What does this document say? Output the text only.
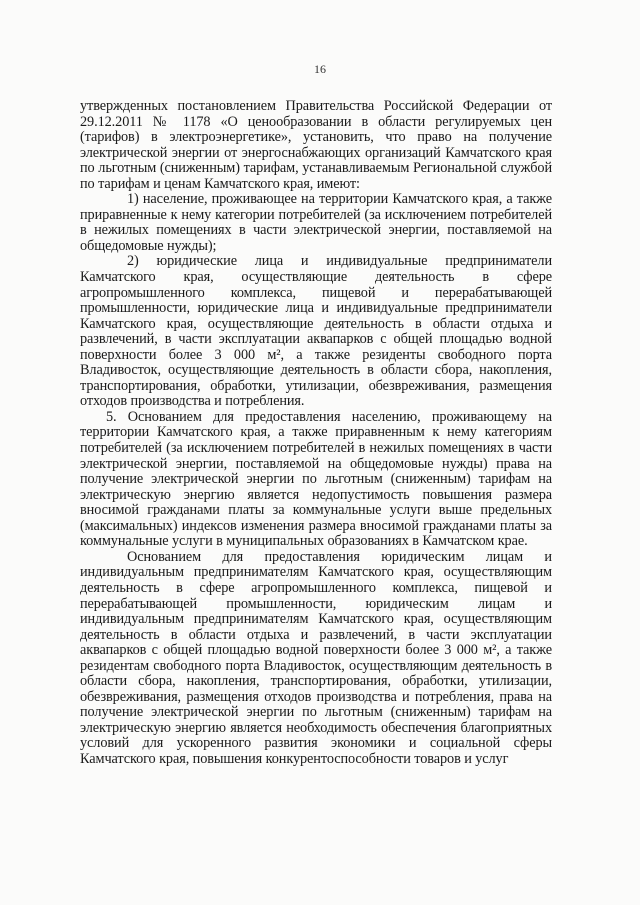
16

утвержденных постановлением Правительства Российской Федерации от 29.12.2011 № 1178 «О ценообразовании в области регулируемых цен (тарифов) в электроэнергетике», установить, что право на получение электрической энергии от энергоснабжающих организаций Камчатского края по льготным (сниженным) тарифам, устанавливаемым Региональной службой по тарифам и ценам Камчатского края, имеют:

1) население, проживающее на территории Камчатского края, а также приравненные к нему категории потребителей (за исключением потребителей в нежилых помещениях в части электрической энергии, поставляемой на общедомовые нужды);

2) юридические лица и индивидуальные предприниматели Камчатского края, осуществляющие деятельность в сфере агропромышленного комплекса, пищевой и перерабатывающей промышленности, юридические лица и индивидуальные предприниматели Камчатского края, осуществляющие деятельность в области отдыха и развлечений, в части эксплуатации аквапарков с общей площадью водной поверхности более 3 000 м², а также резиденты свободного порта Владивосток, осуществляющие деятельность в области сбора, накопления, транспортирования, обработки, утилизации, обезвреживания, размещения отходов производства и потребления.

5. Основанием для предоставления населению, проживающему на территории Камчатского края, а также приравненным к нему категориям потребителей (за исключением потребителей в нежилых помещениях в части электрической энергии, поставляемой на общедомовые нужды) права на получение электрической энергии по льготным (сниженным) тарифам на электрическую энергию является недопустимость повышения размера вносимой гражданами платы за коммунальные услуги выше предельных (максимальных) индексов изменения размера вносимой гражданами платы за коммунальные услуги в муниципальных образованиях в Камчатском крае.

Основанием для предоставления юридическим лицам и индивидуальным предпринимателям Камчатского края, осуществляющим деятельность в сфере агропромышленного комплекса, пищевой и перерабатывающей промышленности, юридическим лицам и индивидуальным предпринимателям Камчатского края, осуществляющим деятельность в области отдыха и развлечений, в части эксплуатации аквапарков с общей площадью водной поверхности более 3 000 м², а также резидентам свободного порта Владивосток, осуществляющим деятельность в области сбора, накопления, транспортирования, обработки, утилизации, обезвреживания, размещения отходов производства и потребления, права на получение электрической энергии по льготным (сниженным) тарифам на электрическую энергию является необходимость обеспечения благоприятных условий для ускоренного развития экономики и социальной сферы Камчатского края, повышения конкурентоспособности товаров и услуг
